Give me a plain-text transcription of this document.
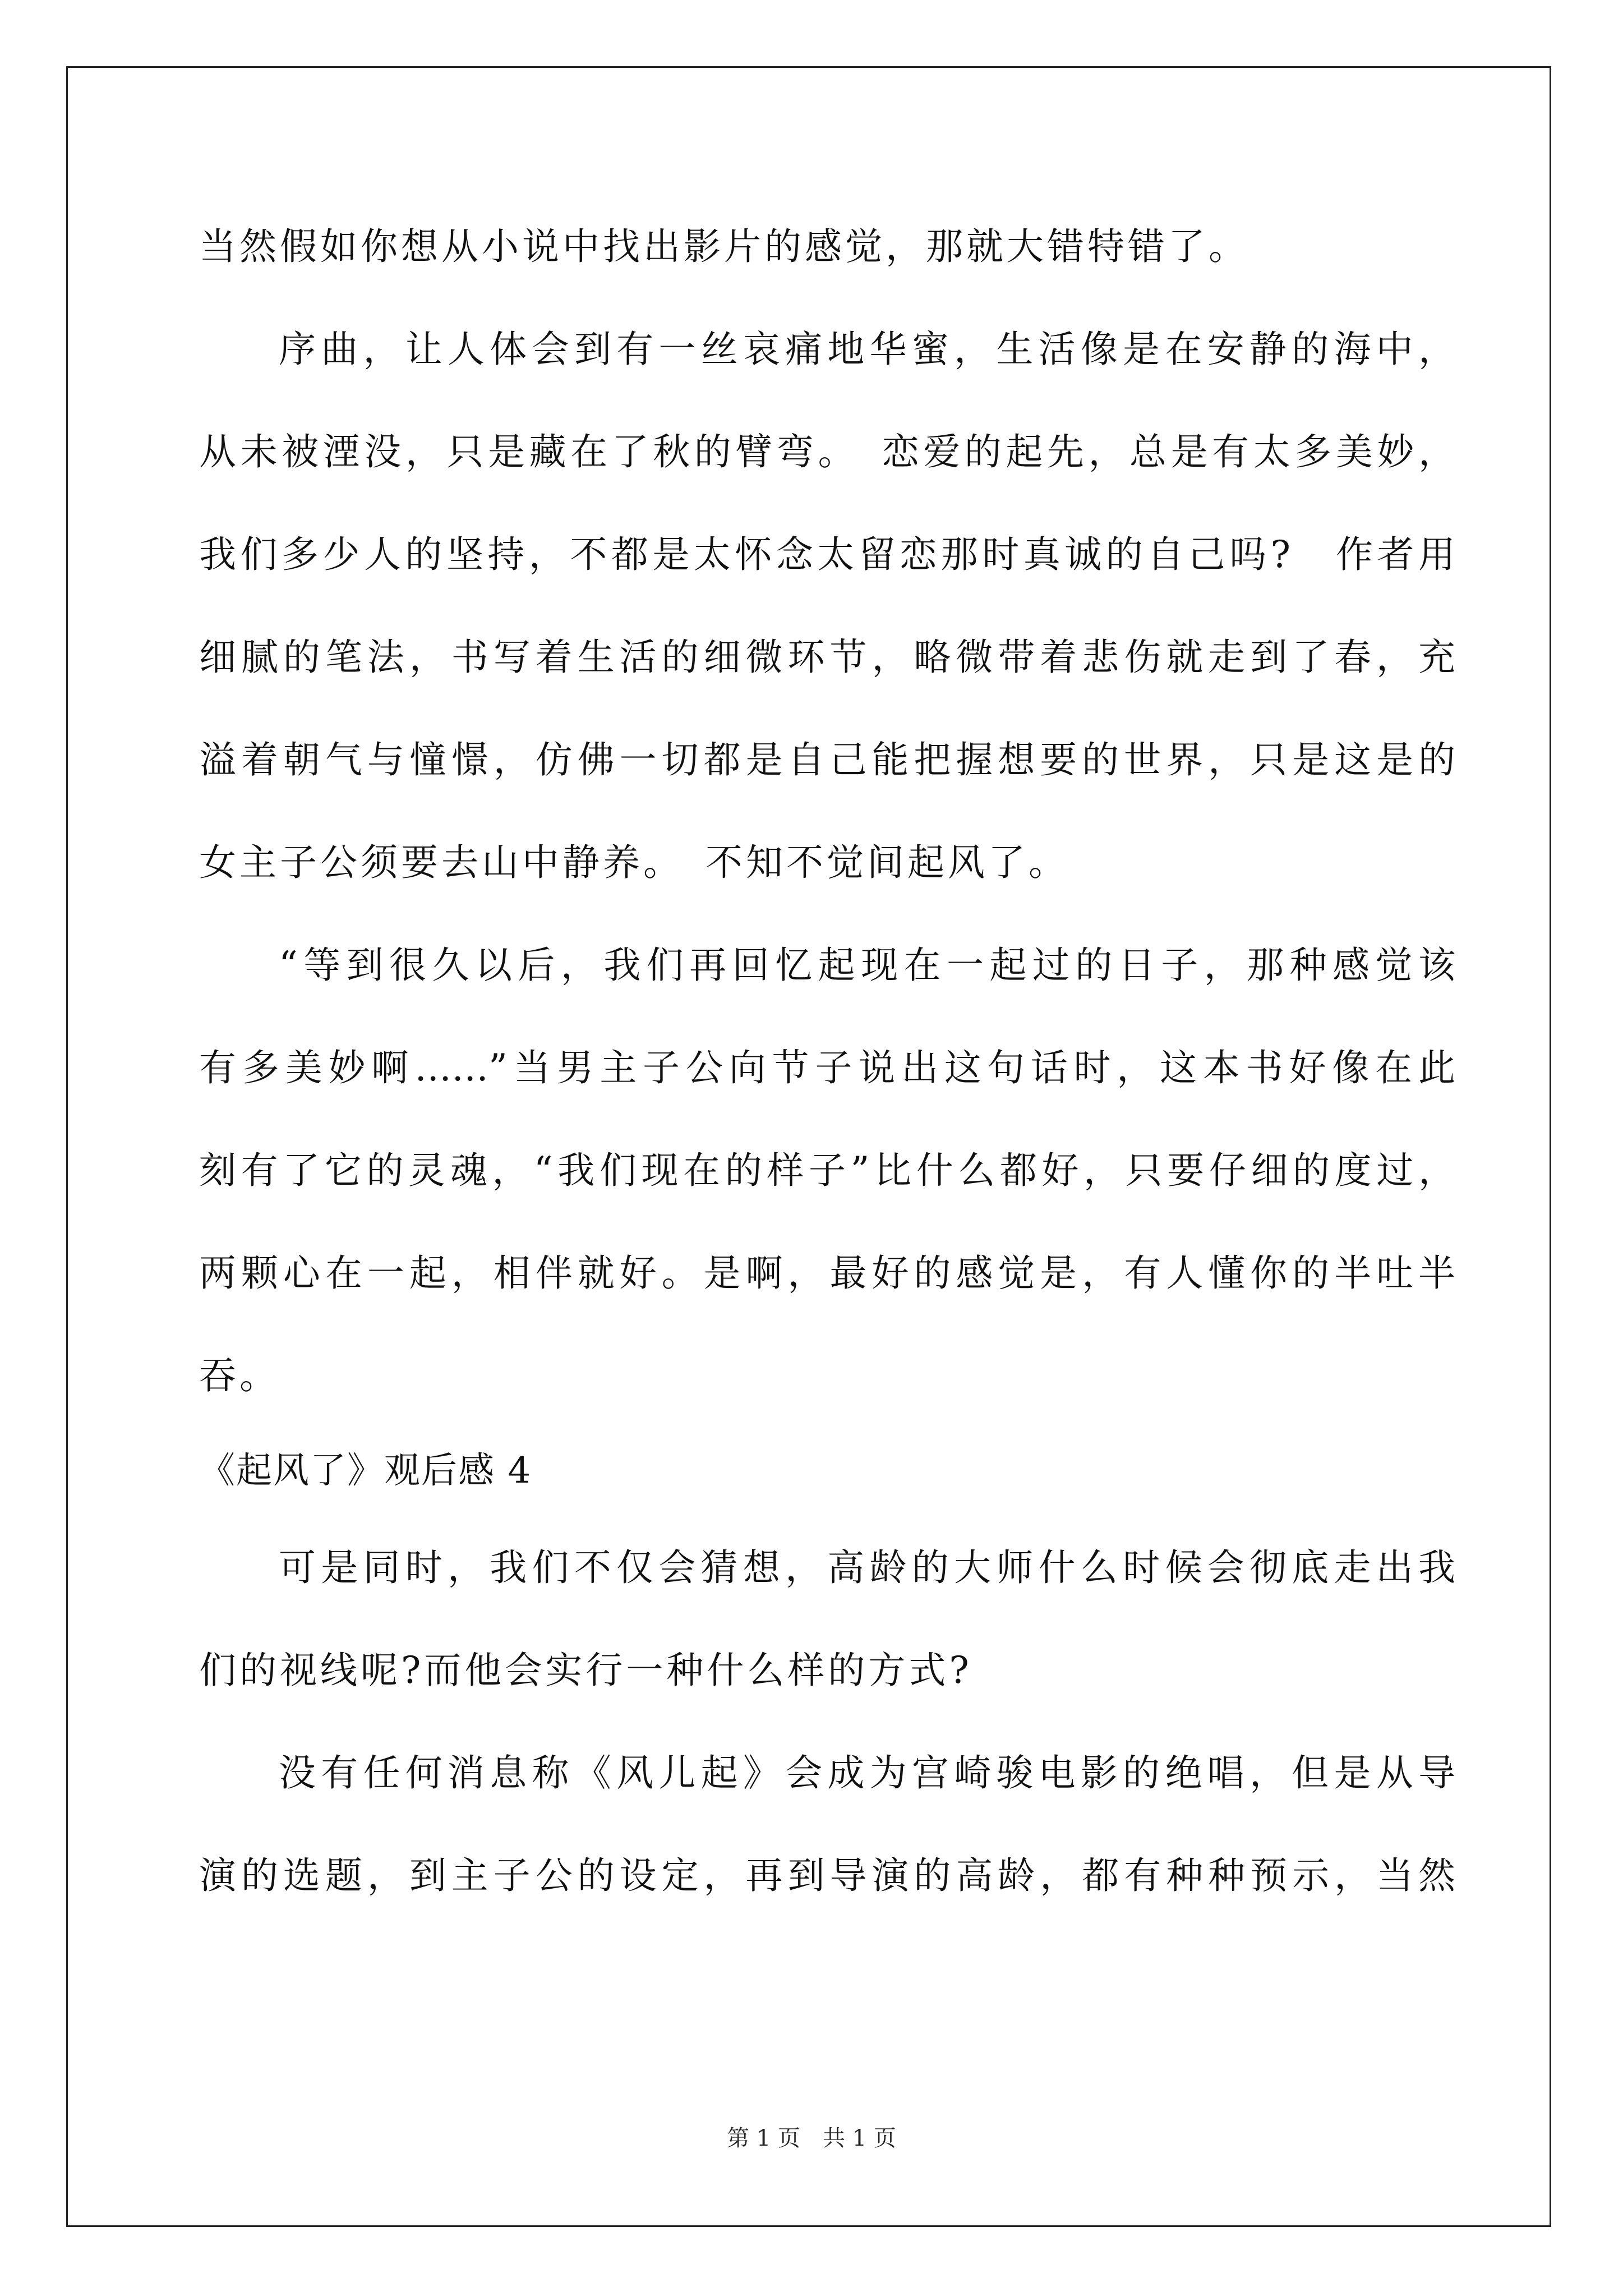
当然假如你想从小说中找出影片的感觉，那就大错特错了。
序曲，让人体会到有一丝哀痛地华蜜，生活像是在安静的海中，
从未被湮没，只是藏在了秋的臂弯。　恋爱的起先，总是有太多美妙，
我们多少人的坚持，不都是太怀念太留恋那时真诚的自己吗?　作者用
细腻的笔法，书写着生活的细微环节，略微带着悲伤就走到了春，充
溢着朝气与憧憬，仿佛一切都是自己能把握想要的世界，只是这是的
女主子公须要去山中静养。　不知不觉间起风了。
“等到很久以后，我们再回忆起现在一起过的日子，那种感觉该
有多美妙啊……”当男主子公向节子说出这句话时，这本书好像在此
刻有了它的灵魂，“我们现在的样子”比什么都好，只要仔细的度过，
两颗心在一起，相伴就好。是啊，最好的感觉是，有人懂你的半吐半
吞。
《起风了》观后感 4
可是同时，我们不仅会猜想，高龄的大师什么时候会彻底走出我
们的视线呢?而他会实行一种什么样的方式?
没有任何消息称《风儿起》会成为宫崎骏电影的绝唱，但是从导
演的选题，到主子公的设定，再到导演的高龄，都有种种预示，当然
第 1 页 共 1 页
